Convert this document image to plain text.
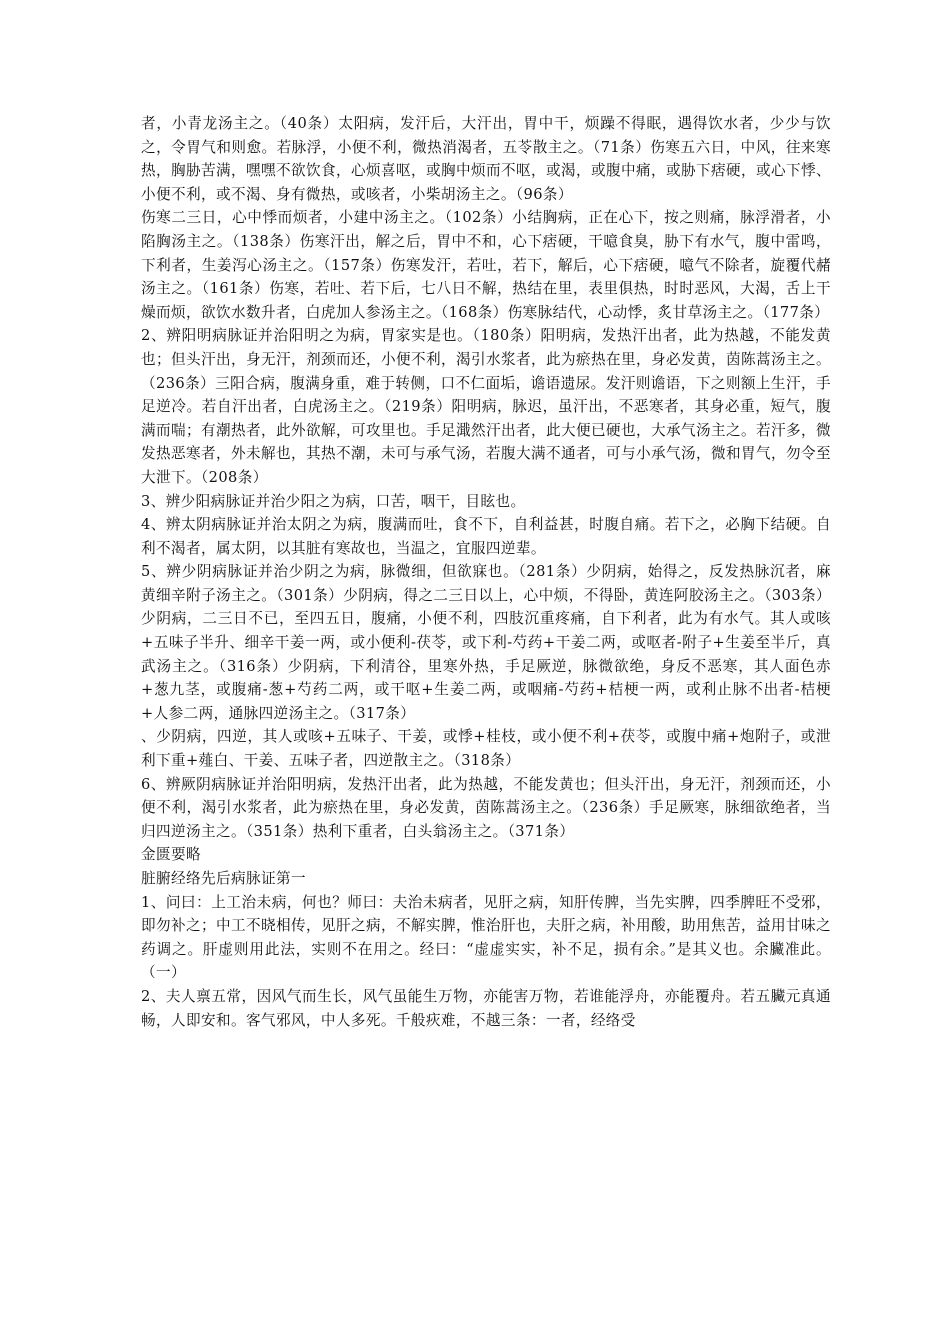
者，小青龙汤主之。（40条）太阳病，发汗后，大汗出，胃中干，烦躁不得眠，遇得饮水者，少少与饮之，令胃气和则愈。若脉浮，小便不利，微热消渴者，五苓散主之。（71条）伤寒五六日，中风，往来寒热，胸胁苦满，嘿嘿不欲饮食，心烦喜呕，或胸中烦而不呕，或渴，或腹中痛，或胁下痞硬，或心下悸、小便不利，或不渴、身有微热，或咳者，小柴胡汤主之。（96条）

伤寒二三日，心中悸而烦者，小建中汤主之。（102条）小结胸病，正在心下，按之则痛，脉浮滑者，小陷胸汤主之。（138条）伤寒汗出，解之后，胃中不和，心下痞硬，干噫食臭，胁下有水气，腹中雷鸣，下利者，生姜泻心汤主之。（157条）伤寒发汗，若吐，若下，解后，心下痞硬，噫气不除者，旋覆代赭汤主之。（161条）伤寒，若吐、若下后，七八日不解，热结在里，表里俱热，时时恶风，大渴，舌上干燥而烦，欲饮水数升者，白虎加人参汤主之。（168条）伤寒脉结代，心动悸，炙甘草汤主之。（177条）

2、辨阳明病脉证并治阳明之为病，胃家实是也。（180条）阳明病，发热汗出者，此为热越，不能发黄也；但头汗出，身无汗，剂颈而还，小便不利，渴引水浆者，此为瘀热在里，身必发黄，茵陈蒿汤主之。（236条）三阳合病，腹满身重，难于转侧，口不仁面垢，谵语遗尿。发汗则谵语，下之则额上生汗，手足逆冷。若自汗出者，白虎汤主之。（219条）阳明病，脉迟，虽汗出，不恶寒者，其身必重，短气，腹满而喘；有潮热者，此外欲解，可攻里也。手足濈然汗出者，此大便已硬也，大承气汤主之。若汗多，微发热恶寒者，外未解也，其热不潮，未可与承气汤，若腹大满不通者，可与小承气汤，微和胃气，勿令至大泄下。（208条）

3、辨少阳病脉证并治少阳之为病，口苦，咽干，目眩也。

4、辨太阴病脉证并治太阴之为病，腹满而吐，食不下，自利益甚，时腹自痛。若下之，必胸下结硬。自利不渴者，属太阴，以其脏有寒故也，当温之，宜服四逆辈。

5、辨少阴病脉证并治少阴之为病，脉微细，但欲寐也。（281条）少阴病，始得之，反发热脉沉者，麻黄细辛附子汤主之。（301条）少阴病，得之二三日以上，心中烦，不得卧，黄连阿胶汤主之。（303条）少阴病，二三日不已，至四五日，腹痛，小便不利，四肢沉重疼痛，自下利者，此为有水气。其人或咳+五味子半升、细辛干姜一两，或小便利-茯苓，或下利-芍药+干姜二两，或呕者-附子+生姜至半斤，真武汤主之。（316条）少阴病，下利清谷，里寒外热，手足厥逆，脉微欲绝，身反不恶寒，其人面色赤+葱九茎，或腹痛-葱+芍药二两，或干呕+生姜二两，或咽痛-芍药+桔梗一两，或利止脉不出者-桔梗+人参二两，通脉四逆汤主之。（317条）

、少阴病，四逆，其人或咳+五味子、干姜，或悸+桂枝，或小便不利+茯苓，或腹中痛+炮附子，或泄利下重+薤白、干姜、五味子者，四逆散主之。（318条）

6、辨厥阴病脉证并治阳明病，发热汗出者，此为热越，不能发黄也；但头汗出，身无汗，剂颈而还，小便不利，渴引水浆者，此为瘀热在里，身必发黄，茵陈蒿汤主之。（236条）手足厥寒，脉细欲绝者，当归四逆汤主之。（351条）热利下重者，白头翁汤主之。（371条）

金匮要略

脏腑经络先后病脉证第一

1、问曰：上工治未病，何也？师曰：夫治未病者，见肝之病，知肝传脾，当先实脾，四季脾旺不受邪，即勿补之；中工不晓相传，见肝之病，不解实脾，惟治肝也，夫肝之病，补用酸，助用焦苦，益用甘味之药调之。肝虚则用此法，实则不在用之。经曰：“虚虚实实，补不足，损有余。”是其义也。余臟准此。（一）

2、夫人禀五常，因风气而生长，风气虽能生万物，亦能害万物，若谁能浮舟，亦能覆舟。若五臟元真通畅，人即安和。客气邪风，中人多死。千般疢难，不越三条：一者，经络受
